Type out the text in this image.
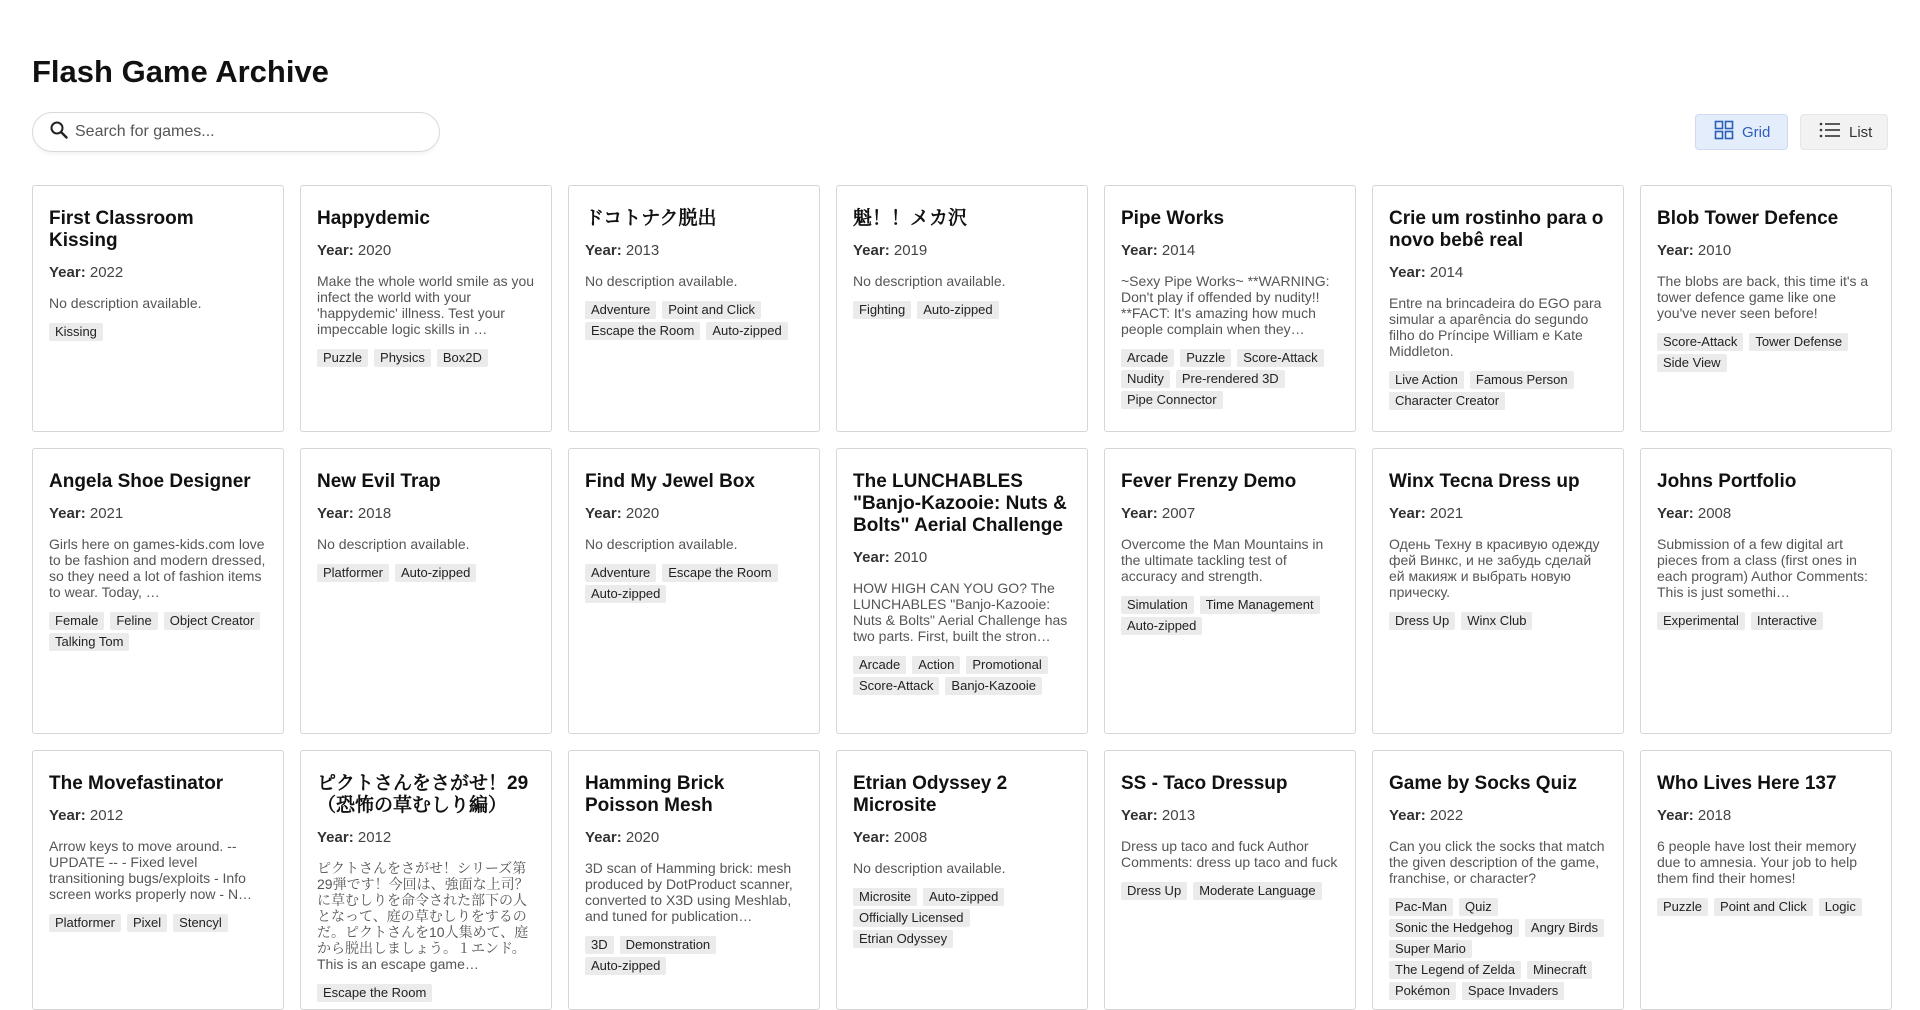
Flash Game Archive
Search for games...
Grid	List
First Classroom Kissing
Year: 2022
No description available.
Kissing
Happydemic
Year: 2020
Make the whole world smile as you infect the world with your 'happydemic' illness. Test your impeccable logic skills in …
Puzzle	Physics	Box2D
ドコトナク脱出
Year: 2013
No description available.
Adventure	Point and Click
Escape the Room	Auto-zipped
魁！！メカ沢
Year: 2019
No description available.
Fighting	Auto-zipped
Pipe Works
Year: 2014
~Sexy Pipe Works~ **WARNING: Don't play if offended by nudity!! **FACT: It's amazing how much people complain when they…
Arcade	Puzzle	Score-Attack
Nudity	Pre-rendered 3D
Pipe Connector
Crie um rostinho para o novo bebê real
Year: 2014
Entre na brincadeira do EGO para simular a aparência do segundo filho do Príncipe William e Kate Middleton.
Live Action	Famous Person
Character Creator
Blob Tower Defence
Year: 2010
The blobs are back, this time it's a tower defence game like one you've never seen before!
Score-Attack	Tower Defense
Side View
Angela Shoe Designer
Year: 2021
Girls here on games-kids.com love to be fashion and modern dressed, so they need a lot of fashion items to wear. Today, …
Female	Feline	Object Creator
Talking Tom
New Evil Trap
Year: 2018
No description available.
Platformer	Auto-zipped
Find My Jewel Box
Year: 2020
No description available.
Adventure	Escape the Room
Auto-zipped
The LUNCHABLES "Banjo-Kazooie: Nuts & Bolts" Aerial Challenge
Year: 2010
HOW HIGH CAN YOU GO? The LUNCHABLES "Banjo-Kazooie: Nuts & Bolts" Aerial Challenge has two parts. First, built the stron…
Arcade	Action	Promotional
Score-Attack	Banjo-Kazooie
Fever Frenzy Demo
Year: 2007
Overcome the Man Mountains in the ultimate tackling test of accuracy and strength.
Simulation	Time Management
Auto-zipped
Winx Tecna Dress up
Year: 2021
Одень Техну в красивую одежду фей Винкс, и не забудь сделай ей макияж и выбрать новую прическу.
Dress Up	Winx Club
Johns Portfolio
Year: 2008
Submission of a few digital art pieces from a class (first ones in each program) Author Comments: This is just somethi…
Experimental	Interactive
The Movefastinator
Year: 2012
Arrow keys to move around. -- UPDATE -- - Fixed level transitioning bugs/exploits - Info screen works properly now - N…
Platformer	Pixel	Stencyl
ピクトさんをさがせ！29（恐怖の草むしり編）
Year: 2012
ピクトさんをさがせ！シリーズ第29弾です！今回は、強面な上司？に草むしりを命令された部下の人となって、庭の草むしりをするのだ。ピクトさんを10人集めて、庭から脱出しましょう。１エンド。This is an escape game…
Escape the Room
Hamming Brick Poisson Mesh
Year: 2020
3D scan of Hamming brick: mesh produced by DotProduct scanner, converted to X3D using Meshlab, and tuned for publication…
3D	Demonstration
Auto-zipped
Etrian Odyssey 2 Microsite
Year: 2008
No description available.
Microsite	Auto-zipped
Officially Licensed
Etrian Odyssey
SS - Taco Dressup
Year: 2013
Dress up taco and fuck Author Comments: dress up taco and fuck
Dress Up	Moderate Language
Game by Socks Quiz
Year: 2022
Can you click the socks that match the given description of the game, franchise, or character?
Pac-Man	Quiz
Sonic the Hedgehog	Angry Birds
Super Mario
The Legend of Zelda	Minecraft
Pokémon	Space Invaders
Who Lives Here 137
Year: 2018
6 people have lost their memory due to amnesia. Your job to help them find their homes!
Puzzle	Point and Click	Logic
